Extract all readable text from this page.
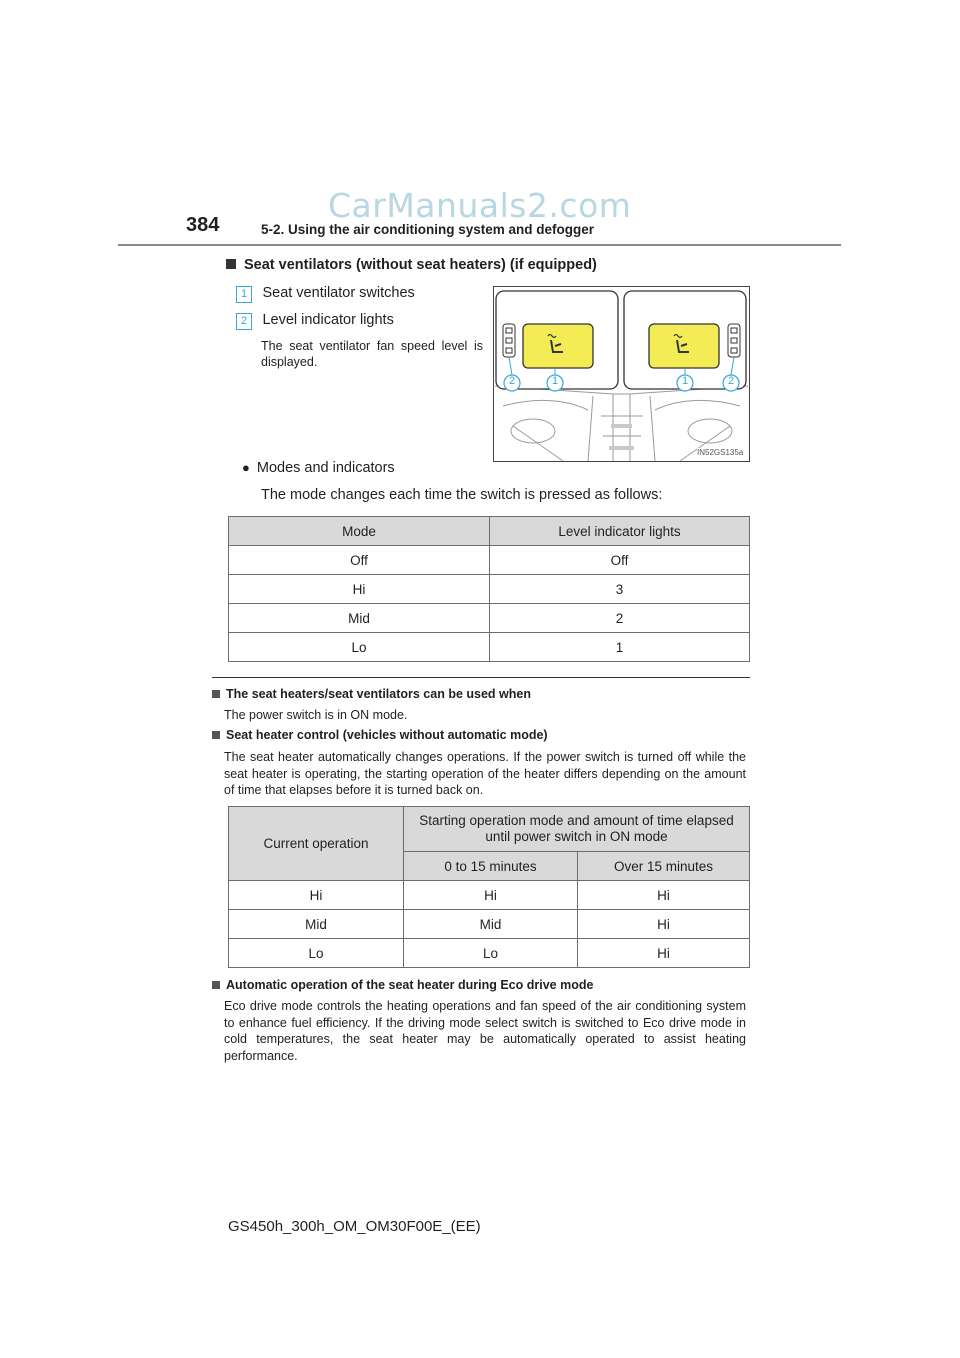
CarManuals2.com
384	5-2. Using the air conditioning system and defogger
Seat ventilators (without seat heaters) (if equipped)
1 Seat ventilator switches
2 Level indicator lights
The seat ventilator fan speed level is displayed.
2	1	1	2
IN52GS135a
● Modes and indicators
The mode changes each time the switch is pressed as follows:
Mode	Level indicator lights
Off	Off
Hi	3
Mid	2
Lo	1
The seat heaters/seat ventilators can be used when
The power switch is in ON mode.
Seat heater control (vehicles without automatic mode)
The seat heater automatically changes operations. If the power switch is turned off while the seat heater is operating, the starting operation of the heater differs depending on the amount of time that elapses before it is turned back on.
Current operation	Starting operation mode and amount of time elapsed until power switch in ON mode	
	0 to 15 minutes	Over 15 minutes
Hi	Hi	Hi
Mid	Mid	Hi
Lo	Lo	Hi
Automatic operation of the seat heater during Eco drive mode
Eco drive mode controls the heating operations and fan speed of the air conditioning system to enhance fuel efficiency. If the driving mode select switch is switched to Eco drive mode in cold temperatures, the seat heater may be automatically operated to assist heating performance.
GS450h_300h_OM_OM30F00E_(EE)
